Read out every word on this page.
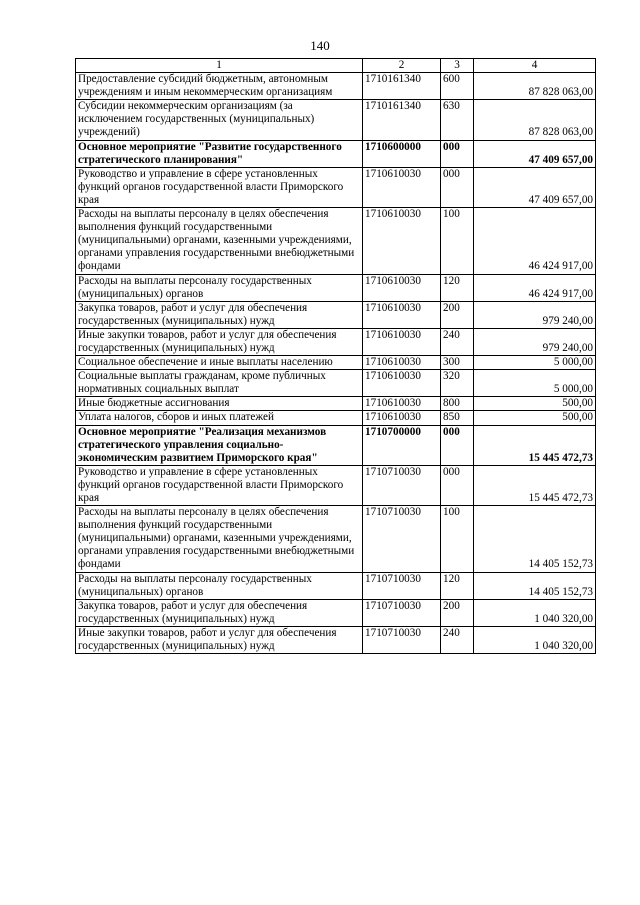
140
1	2	3	4
Предоставление субсидий бюджетным, автономным учреждениям и иным некоммерческим организациям	1710161340	600	87 828 063,00
Субсидии некоммерческим организациям (за исключением государственных (муниципальных) учреждений)	1710161340	630	87 828 063,00
Основное мероприятие "Развитие государственного стратегического планирования"	1710600000	000	47 409 657,00
Руководство и управление в сфере установленных функций органов государственной власти Приморского края	1710610030	000	47 409 657,00
Расходы на выплаты персоналу в целях обеспечения выполнения функций государственными (муниципальными) органами, казенными учреждениями, органами управления государственными внебюджетными фондами	1710610030	100	46 424 917,00
Расходы на выплаты персоналу государственных (муниципальных) органов	1710610030	120	46 424 917,00
Закупка товаров, работ и услуг для обеспечения государственных (муниципальных) нужд	1710610030	200	979 240,00
Иные закупки товаров, работ и услуг для обеспечения государственных (муниципальных) нужд	1710610030	240	979 240,00
Социальное обеспечение и иные выплаты населению	1710610030	300	5 000,00
Социальные выплаты гражданам, кроме публичных нормативных социальных выплат	1710610030	320	5 000,00
Иные бюджетные ассигнования	1710610030	800	500,00
Уплата налогов, сборов и иных платежей	1710610030	850	500,00
Основное мероприятие "Реализация механизмов стратегического управления социально-экономическим развитием Приморского края"	1710700000	000	15 445 472,73
Руководство и управление в сфере установленных функций органов государственной власти Приморского края	1710710030	000	15 445 472,73
Расходы на выплаты персоналу в целях обеспечения выполнения функций государственными (муниципальными) органами, казенными учреждениями, органами управления государственными внебюджетными фондами	1710710030	100	14 405 152,73
Расходы на выплаты персоналу государственных (муниципальных) органов	1710710030	120	14 405 152,73
Закупка товаров, работ и услуг для обеспечения государственных (муниципальных) нужд	1710710030	200	1 040 320,00
Иные закупки товаров, работ и услуг для обеспечения государственных (муниципальных) нужд	1710710030	240	1 040 320,00
